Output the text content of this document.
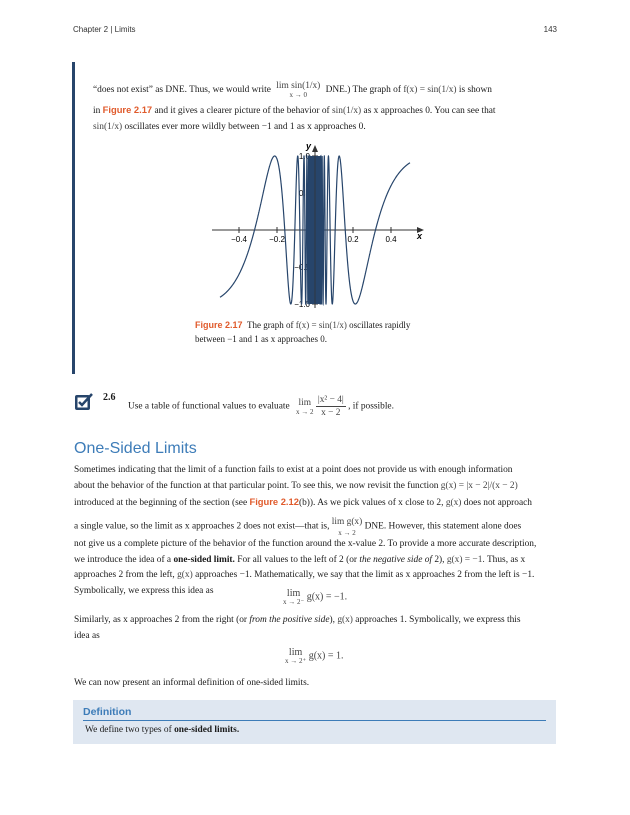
Chapter 2 | Limits	143
“does not exist” as DNE. Thus, we would write lim sin(1/x)
x → 0
DNE.) The graph of f(x) = sin(1/x) is shown
in Figure 2.17 and it gives a clearer picture of the behavior of sin(1/x) as x approaches 0. You can see that
sin(1/x) oscillates ever more wildly between −1 and 1 as x approaches 0.
x
y
−0.4	−0.2	0.2	0.4
1.0
0.5
−0.5
−1.0
Figure 2.17 The graph of f(x) = sin(1/x) oscillates rapidly
between −1 and 1 as x approaches 0.
2.6
Use a table of functional values to evaluate lim
x → 2
$\frac{\text{|x² − 4|}}{x - 2}$ , if possible.
One-Sided Limits
Sometimes indicating that the limit of a function fails to exist at a point does not provide us with enough information
about the behavior of the function at that particular point. To see this, we now revisit the function g(x) = |x − 2|/(x − 2)
introduced at the beginning of the section (see Figure 2.12(b)). As we pick values of x close to 2, g(x) does not approach
a single value, so the limit as x approaches 2 does not exist—that is, lim g(x)
x → 2
DNE. However, this statement alone does
not give us a complete picture of the behavior of the function around the x-value 2. To provide a more accurate description,
we introduce the idea of a one-sided limit. For all values to the left of 2 (or the negative side of 2), g(x) = −1. Thus, as x
approaches 2 from the left, g(x) approaches −1. Mathematically, we say that the limit as x approaches 2 from the left is −1.
Symbolically, we express this idea as	lim
x → 2⁻ g(x) = −1.
Similarly, as x approaches 2 from the right (or from the positive side), g(x) approaches 1. Symbolically, we express this
idea as
lim
x → 2⁺ g(x) = 1.
We can now present an informal definition of one-sided limits.
Definition
We define two types of one-sided limits.
